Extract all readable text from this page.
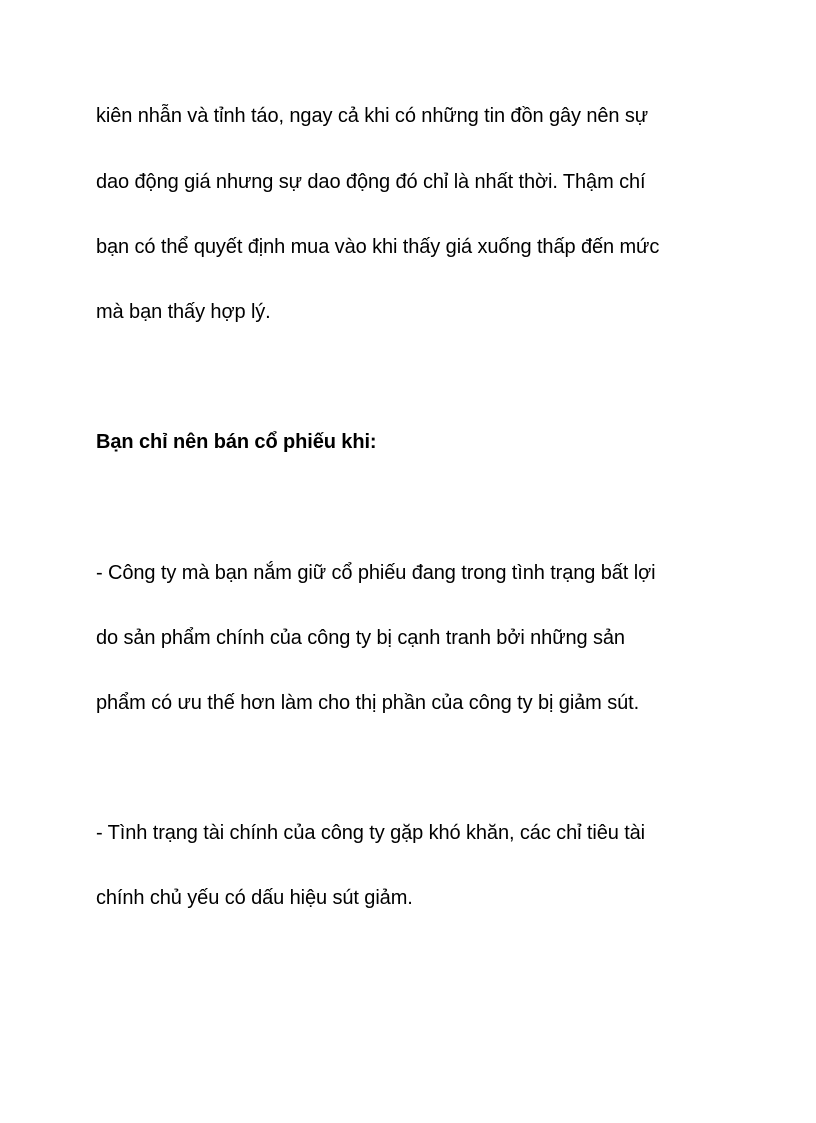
kiên nhẫn và tỉnh táo, ngay cả khi có những tin đồn gây nên sự
dao động giá nhưng sự dao động đó chỉ là nhất thời. Thậm chí
bạn có thể quyết định mua vào khi thấy giá xuống thấp đến mức
mà bạn thấy hợp lý.
Bạn chỉ nên bán cổ phiếu khi:
- Công ty mà bạn nắm giữ cổ phiếu đang trong tình trạng bất lợi
do sản phẩm chính của công ty bị cạnh tranh bởi những sản
phẩm có ưu thế hơn làm cho thị phần của công ty bị giảm sút.
- Tình trạng tài chính của công ty gặp khó khăn, các chỉ tiêu tài
chính chủ yếu có dấu hiệu sút giảm.
